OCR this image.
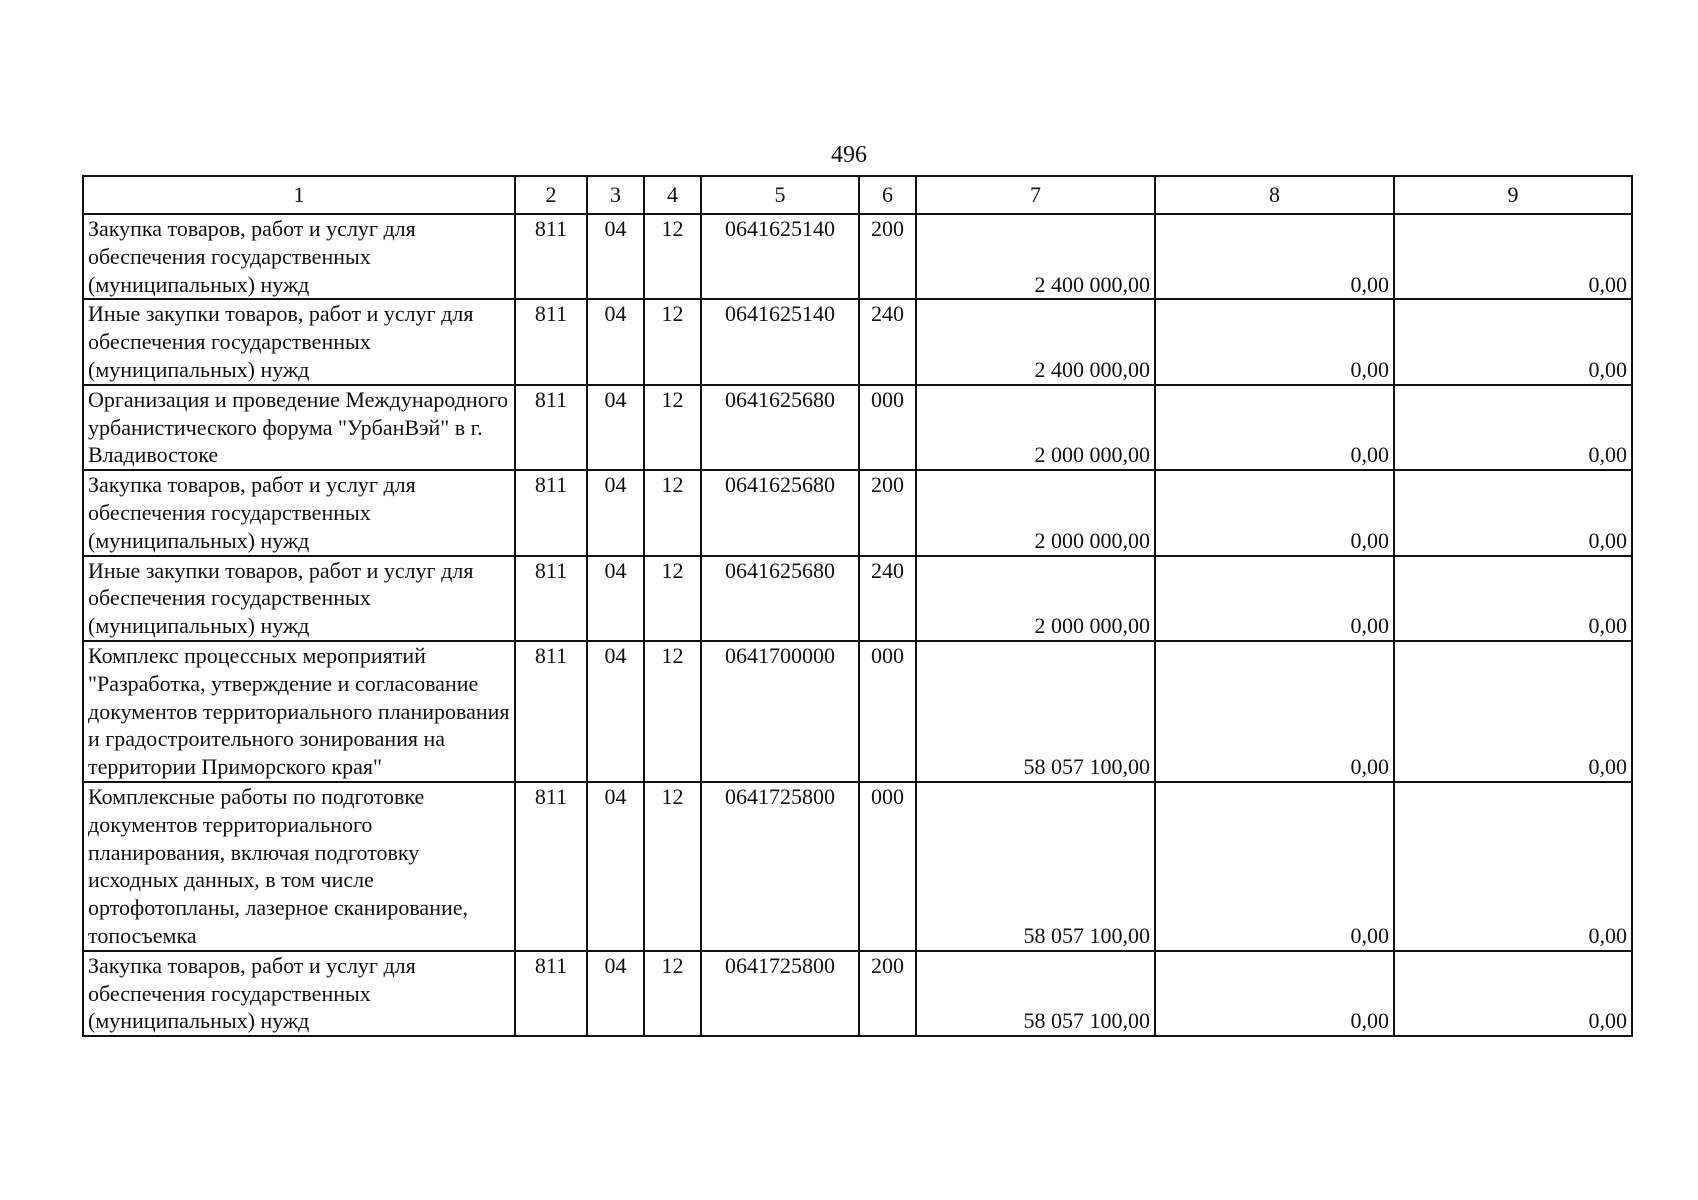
496
1	2	3	4	5	6	7	8	9
Закупка товаров, работ и услуг для обеспечения государственных (муниципальных) нужд	811	04	12	0641625140	200	2 400 000,00	0,00	0,00
Иные закупки товаров, работ и услуг для обеспечения государственных (муниципальных) нужд	811	04	12	0641625140	240	2 400 000,00	0,00	0,00
Организация и проведение Международного урбанистического форума "УрбанВэй" в г. Владивостоке	811	04	12	0641625680	000	2 000 000,00	0,00	0,00
Закупка товаров, работ и услуг для обеспечения государственных (муниципальных) нужд	811	04	12	0641625680	200	2 000 000,00	0,00	0,00
Иные закупки товаров, работ и услуг для обеспечения государственных (муниципальных) нужд	811	04	12	0641625680	240	2 000 000,00	0,00	0,00
Комплекс процессных мероприятий "Разработка, утверждение и согласование документов территориального планирования и градостроительного зонирования на территории Приморского края"	811	04	12	0641700000	000	58 057 100,00	0,00	0,00
Комплексные работы по подготовке документов территориального планирования, включая подготовку исходных данных, в том числе ортофотопланы, лазерное сканирование, топосъемка	811	04	12	0641725800	000	58 057 100,00	0,00	0,00
Закупка товаров, работ и услуг для обеспечения государственных (муниципальных) нужд	811	04	12	0641725800	200	58 057 100,00	0,00	0,00
